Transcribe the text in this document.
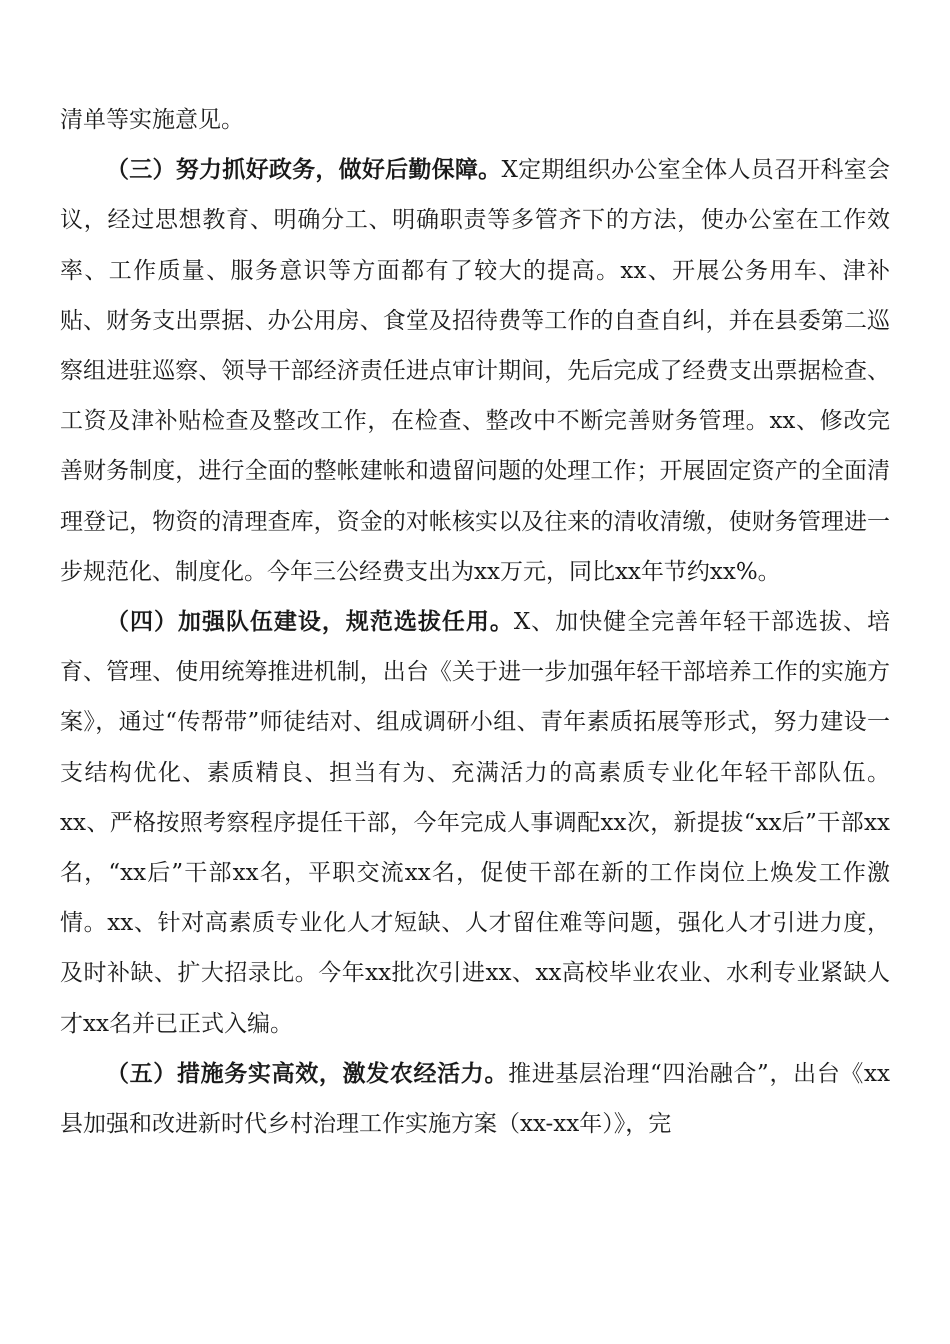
清单等实施意见。

（三）努力抓好政务，做好后勤保障。X定期组织办公室全体人员召开科室会议，经过思想教育、明确分工、明确职责等多管齐下的方法，使办公室在工作效率、工作质量、服务意识等方面都有了较大的提高。xx、开展公务用车、津补贴、财务支出票据、办公用房、食堂及招待费等工作的自查自纠，并在县委第二巡察组进驻巡察、领导干部经济责任进点审计期间，先后完成了经费支出票据检查、工资及津补贴检查及整改工作，在检查、整改中不断完善财务管理。xx、修改完善财务制度，进行全面的整帐建帐和遗留问题的处理工作；开展固定资产的全面清理登记，物资的清理查库，资金的对帐核实以及往来的清收清缴，使财务管理进一步规范化、制度化。今年三公经费支出为xx万元，同比xx年节约xx%。

（四）加强队伍建设，规范选拔任用。X、加快健全完善年轻干部选拔、培育、管理、使用统筹推进机制，出台《关于进一步加强年轻干部培养工作的实施方案》，通过“传帮带”师徒结对、组成调研小组、青年素质拓展等形式，努力建设一支结构优化、素质精良、担当有为、充满活力的高素质专业化年轻干部队伍。xx、严格按照考察程序提任干部，今年完成人事调配xx次，新提拔“xx后”干部xx名，“xx后”干部xx名，平职交流xx名，促使干部在新的工作岗位上焕发工作激情。xx、针对高素质专业化人才短缺、人才留住难等问题，强化人才引进力度，及时补缺、扩大招录比。今年xx批次引进xx、xx高校毕业农业、水利专业紧缺人才xx名并已正式入编。

（五）措施务实高效，激发农经活力。推进基层治理“四治融合”，出台《xx县加强和改进新时代乡村治理工作实施方案（xx-xx年）》，完
